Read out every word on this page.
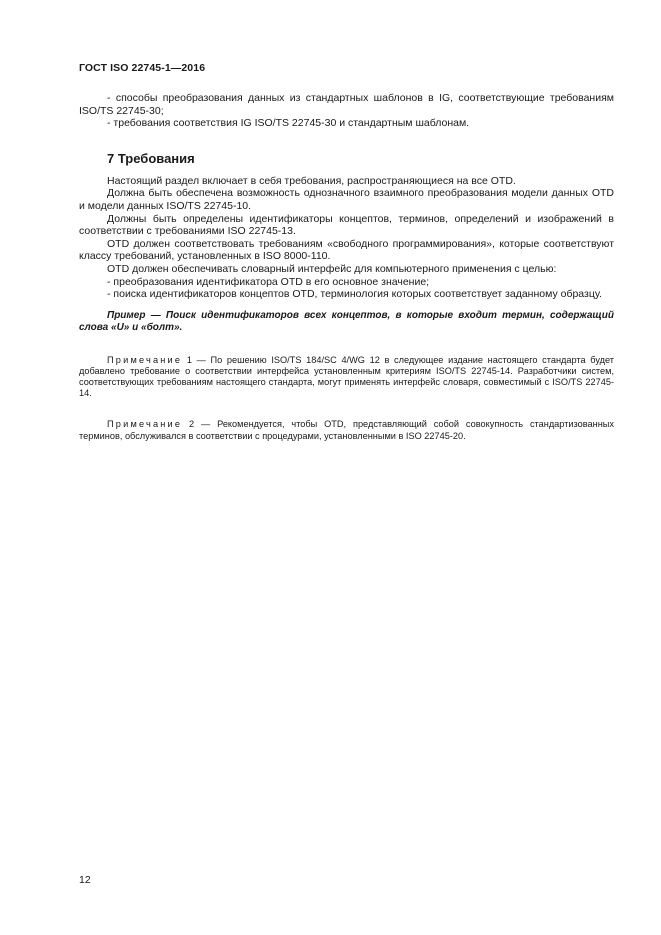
ГОСТ ISO 22745-1—2016

- способы преобразования данных из стандартных шаблонов в IG, соответствующие требованиям ISO/TS 22745-30;

- требования соответствия IG ISO/TS 22745-30 и стандартным шаблонам.

7 Требования

Настоящий раздел включает в себя требования, распространяющиеся на все OTD.

Должна быть обеспечена возможность однозначного взаимного преобразования модели данных OTD и модели данных ISO/TS 22745-10.

Должны быть определены идентификаторы концептов, терминов, определений и изображений в соответствии с требованиями ISO 22745-13.

OTD должен соответствовать требованиям «свободного программирования», которые соответствуют классу требований, установленных в ISO 8000-110.

OTD должен обеспечивать словарный интерфейс для компьютерного применения с целью:

- преобразования идентификатора OTD в его основное значение;

- поиска идентификаторов концептов OTD, терминология которых соответствует заданному образцу.

Пример — Поиск идентификаторов всех концептов, в которые входит термин, содержащий слова «U» и «болт».

Примечание 1 — По решению ISO/TS 184/SC 4/WG 12 в следующее издание настоящего стандарта будет добавлено требование о соответствии интерфейса установленным критериям ISO/TS 22745-14. Разработчики систем, соответствующих требованиям настоящего стандарта, могут применять интерфейс словаря, совместимый с ISO/TS 22745-14.

Примечание 2 — Рекомендуется, чтобы OTD, представляющий собой совокупность стандартизованных терминов, обслуживался в соответствии с процедурами, установленными в ISO 22745-20.

12
